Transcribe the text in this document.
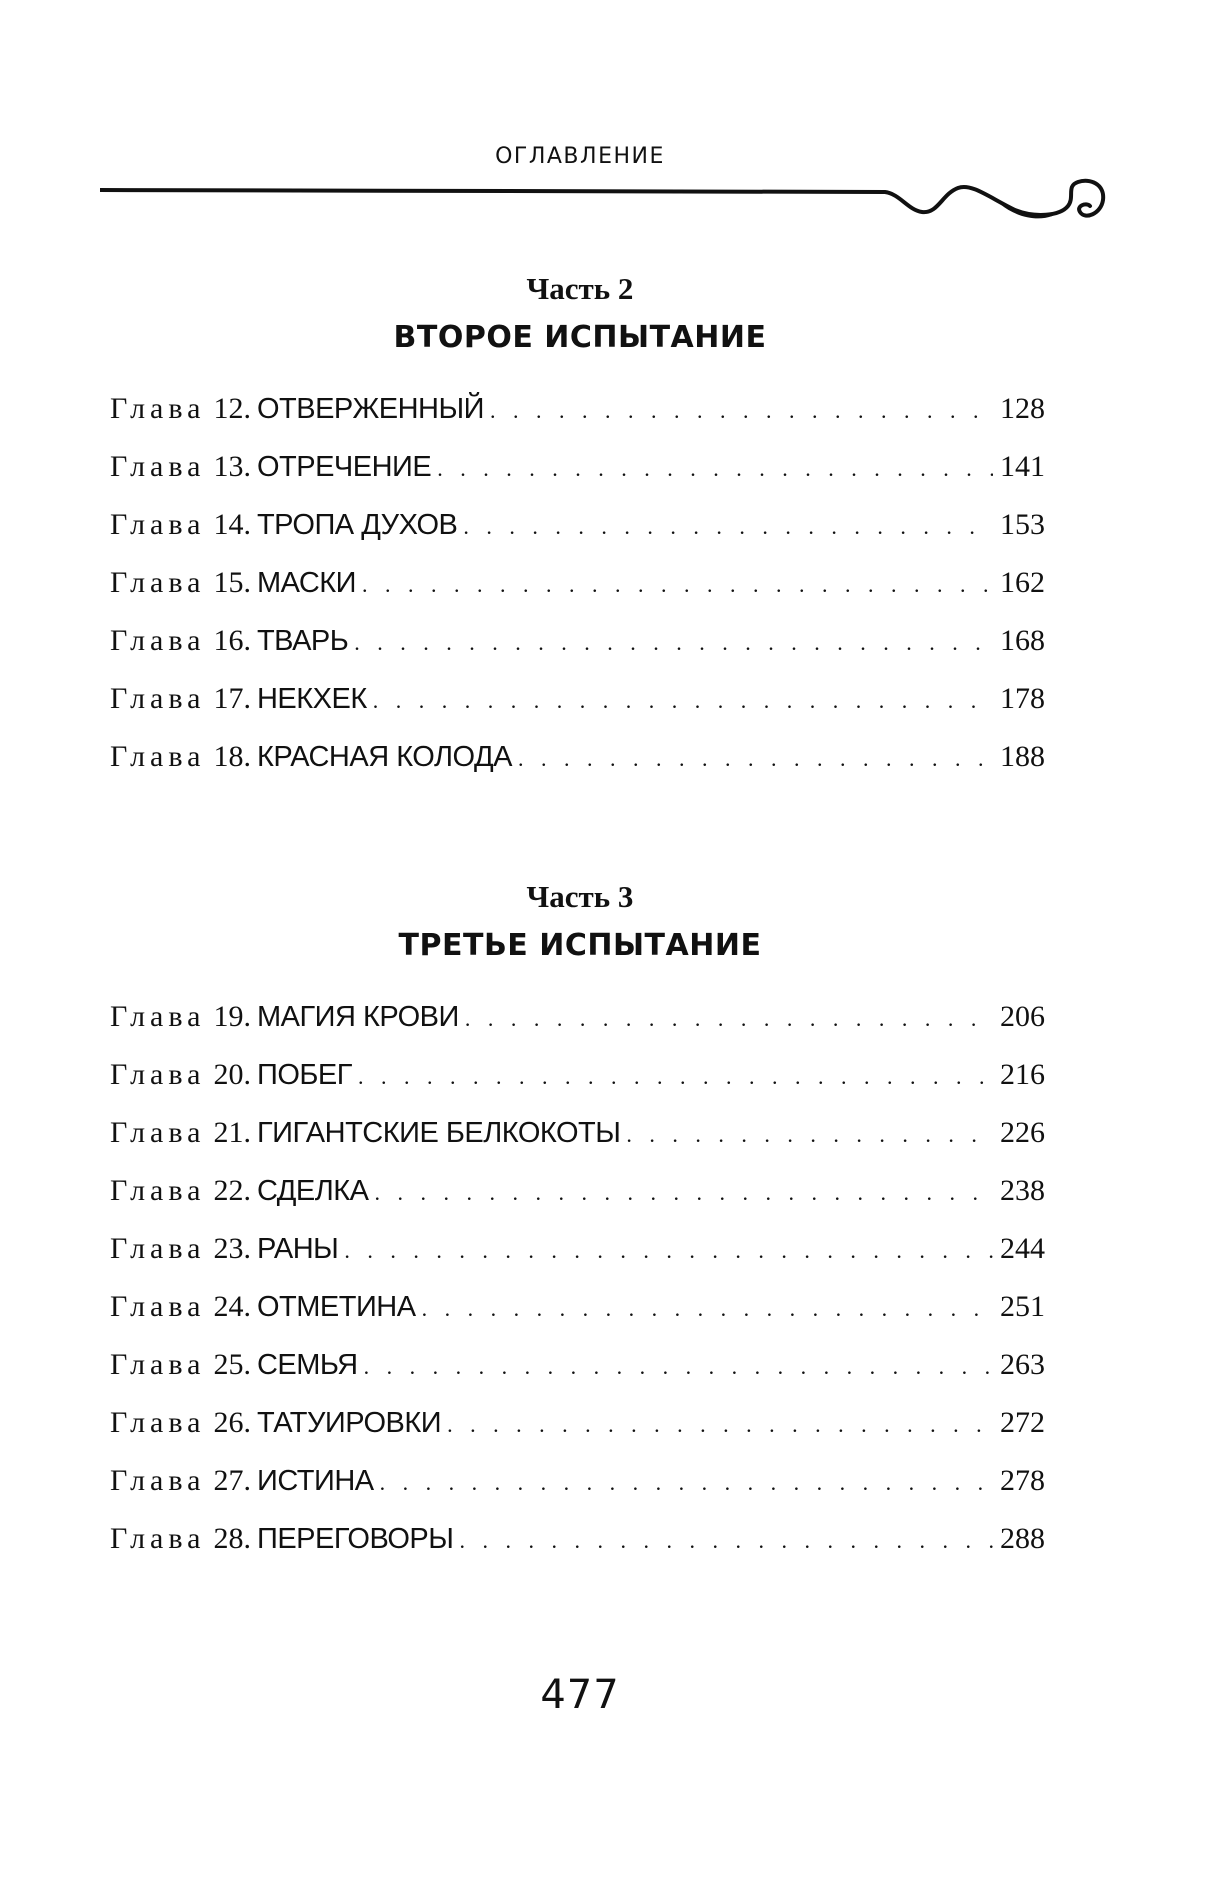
ОГЛАВЛЕНИЕ
Часть 2
ВТОРОЕ ИСПЫТАНИЕ
Глава 12. ОТВЕРЖЕННЫЙ . . .	128
Глава 13. ОТРЕЧЕНИЕ . . .	141
Глава 14. ТРОПА ДУХОВ . . .	153
Глава 15. МАСКИ . . .	162
Глава 16. ТВАРЬ . . .	168
Глава 17. НЕКХЕК . . .	178
Глава 18. КРАСНАЯ КОЛОДА . . .	188
Часть 3
ТРЕТЬЕ ИСПЫТАНИЕ
Глава 19. МАГИЯ КРОВИ . . .	206
Глава 20. ПОБЕГ . . .	216
Глава 21. ГИГАНТСКИЕ БЕЛКОКОТЫ . . .	226
Глава 22. СДЕЛКА . . .	238
Глава 23. РАНЫ . . .	244
Глава 24. ОТМЕТИНА . . .	251
Глава 25. СЕМЬЯ . . .	263
Глава 26. ТАТУИРОВКИ . . .	272
Глава 27. ИСТИНА . . .	278
Глава 28. ПЕРЕГОВОРЫ . . .	288
477
